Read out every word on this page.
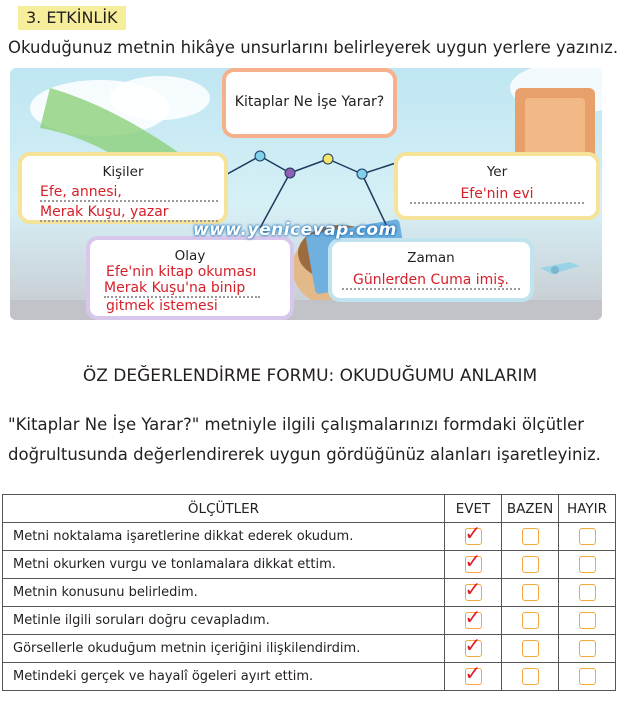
3. ETKİNLİK
Okuduğunuz metnin hikâye unsurlarını belirleyerek uygun yerlere yazınız.
Kitaplar Ne İşe Yarar?
Kişiler
Efe, annesi,
Merak Kuşu, yazar
Yer
Efe'nin evi
Olay
Efe'nin kitap okuması
Merak Kuşu'na binip
gitmek istemesi
Zaman
Günlerden Cuma imiş.
www.yenicevap.com
ÖZ DEĞERLENDİRME FORMU: OKUDUĞUMU ANLARIM
"Kitaplar Ne İşe Yarar?" metniyle ilgili çalışmalarınızı formdaki ölçütler doğrultusunda değerlendirerek uygun gördüğünüz alanları işaretleyiniz.
ÖLÇÜTLER	EVET	BAZEN	HAYIR
Metni noktalama işaretlerine dikkat ederek okudum.	✓		

Metni okurken vurgu ve tonlamalara dikkat ettim.	✓		

Metnin konusunu belirledim.	✓		

Metinle ilgili soruları doğru cevapladım.	✓		

Görsellerle okuduğum metnin içeriğini ilişkilendirdim.	✓		

Metindeki gerçek ve hayalî ögeleri ayırt ettim.	✓		
